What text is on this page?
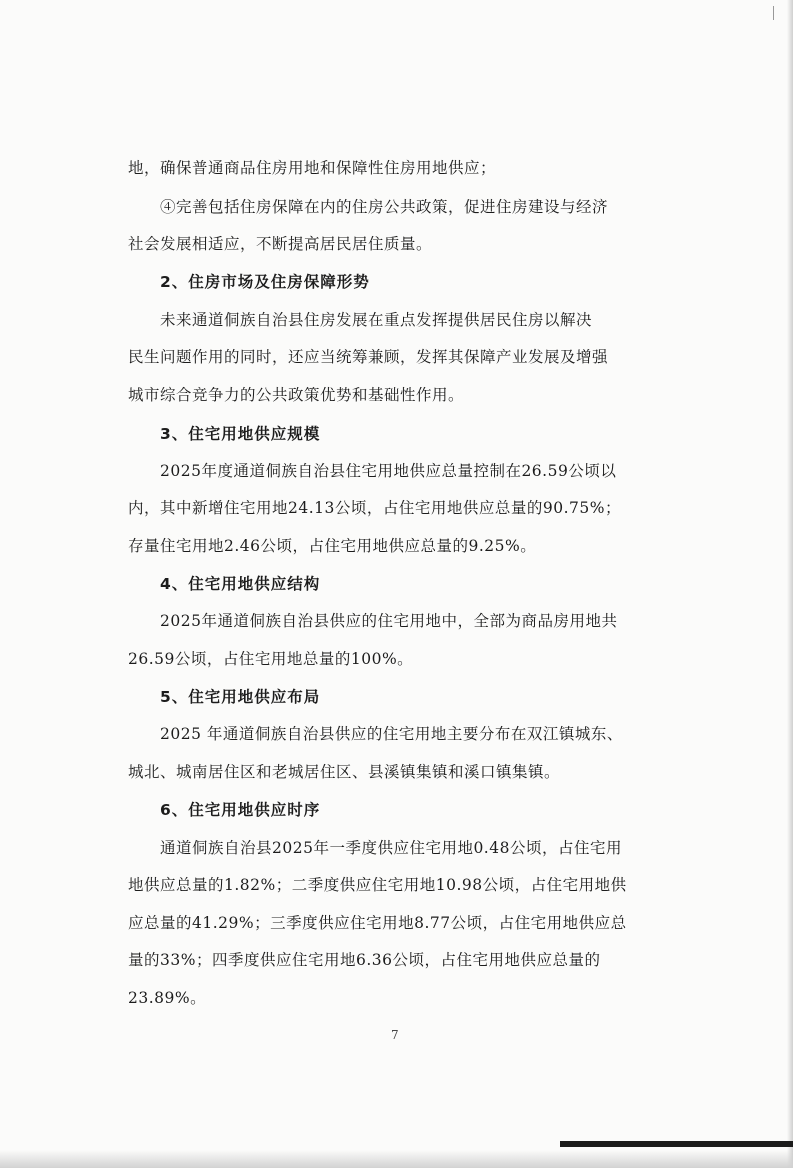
地，确保普通商品住房用地和保障性住房用地供应；
④完善包括住房保障在内的住房公共政策，促进住房建设与经济
社会发展相适应，不断提高居民居住质量。
2、住房市场及住房保障形势
未来通道侗族自治县住房发展在重点发挥提供居民住房以解决
民生问题作用的同时，还应当统筹兼顾，发挥其保障产业发展及增强
城市综合竞争力的公共政策优势和基础性作用。
3、住宅用地供应规模
2025年度通道侗族自治县住宅用地供应总量控制在26.59公顷以
内，其中新增住宅用地24.13公顷，占住宅用地供应总量的90.75%；
存量住宅用地2.46公顷，占住宅用地供应总量的9.25%。
4、住宅用地供应结构
2025年通道侗族自治县供应的住宅用地中，全部为商品房用地共
26.59公顷，占住宅用地总量的100%。
5、住宅用地供应布局
2025 年通道侗族自治县供应的住宅用地主要分布在双江镇城东、
城北、城南居住区和老城居住区、县溪镇集镇和溪口镇集镇。
6、住宅用地供应时序
通道侗族自治县2025年一季度供应住宅用地0.48公顷，占住宅用
地供应总量的1.82%；二季度供应住宅用地10.98公顷，占住宅用地供
应总量的41.29%；三季度供应住宅用地8.77公顷，占住宅用地供应总
量的33%；四季度供应住宅用地6.36公顷，占住宅用地供应总量的
23.89%。
7
